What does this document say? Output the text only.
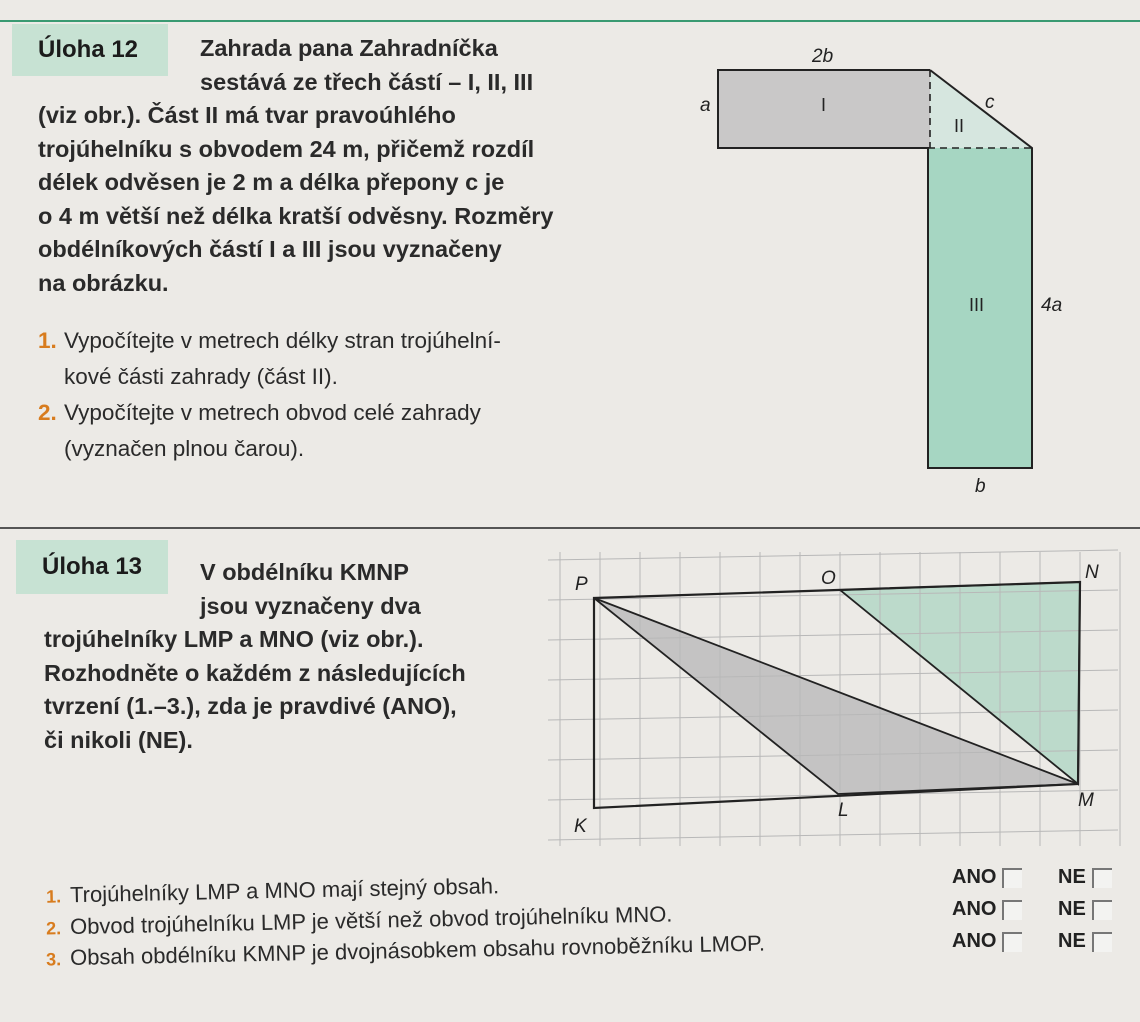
Úloha 12	Zahrada pana Zahradníčka
sestává ze třech částí – I, II, III
(viz obr.). Část II má tvar pravoúhlého
trojúhelníku s obvodem 24 m, přičemž rozdíl
délek odvěsen je 2 m a délka přepony c je
o 4 m větší než délka kratší odvěsny. Rozměry
obdélníkových částí I a III jsou vyznačeny
na obrázku.
1. Vypočítejte v metrech délky stran trojúhelní-
kové části zahrady (část II).
2. Vypočítejte v metrech obvod celé zahrady
(vyznačen plnou čarou).
2b
a	I	c
II
III	4a
b
P	O	N
K
L	M
Úloha 13	V obdélníku KMNP
jsou vyznačeny dva
trojúhelníky LMP a MNO (viz obr.).
Rozhodněte o každém z následujících
tvrzení (1.–3.), zda je pravdivé (ANO),
či nikoli (NE).
1. Trojúhelníky LMP a MNO mají stejný obsah.
2. Obvod trojúhelníku LMP je větší než obvod trojúhelníku MNO.
3. Obsah obdélníku KMNP je dvojnásobkem obsahu rovnoběžníku LMOP.
ANO	NE
ANO	NE
ANO	NE
